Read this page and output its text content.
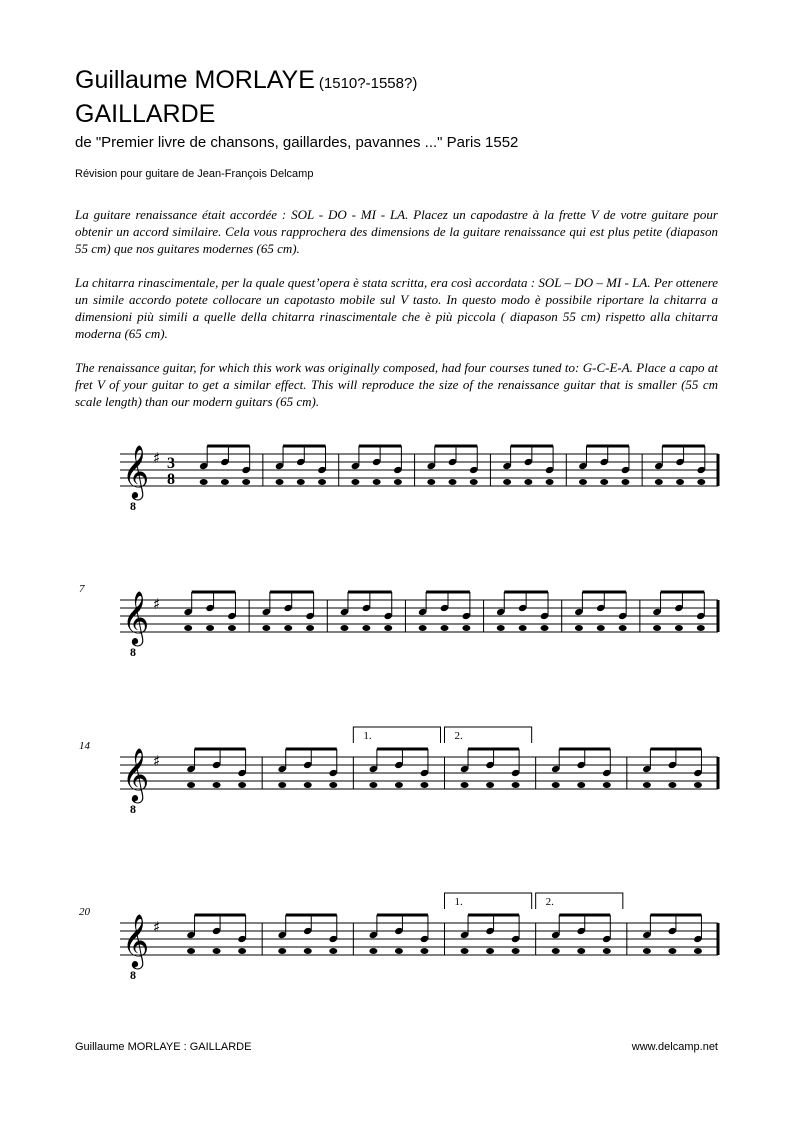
Guillaume MORLAYE (1510?-1558?)
GAILLARDE
de "Premier livre de chansons, gaillardes, pavannes ..." Paris 1552
Révision pour guitare de Jean-François Delcamp

La guitare renaissance était accordée : SOL - DO - MI - LA. Placez un capodastre à la frette V de votre guitare pour obtenir un accord similaire. Cela vous rapprochera des dimensions de la guitare renaissance qui est plus petite (diapason 55 cm) que nos guitares modernes (65 cm).

La chitarra rinascimentale, per la quale quest’opera è stata scritta, era così accordata : SOL – DO – MI - LA. Per ottenere un simile accordo potete collocare un capotasto mobile sul V tasto. In questo modo è possibile riportare la chitarra a dimensioni più simili a quelle della chitarra rinascimentale che è più piccola ( diapason 55 cm) rispetto alla chitarra moderna (65 cm).

The renaissance guitar, for which this work was originally composed, had four courses tuned to: G-C-E-A. Place a capo at fret V of your guitar to get a similar effect. This will reproduce the size of the renaissance guitar that is smaller (55 cm scale length) than our modern guitars (65 cm).

𝄞
8
♯ 3
8
𝄞
8
♯
7
𝄞
8
♯
14
1.	2.
𝄞
8
♯
20
1.	2.
Guillaume MORLAYE : GAILLARDE	www.delcamp.net
